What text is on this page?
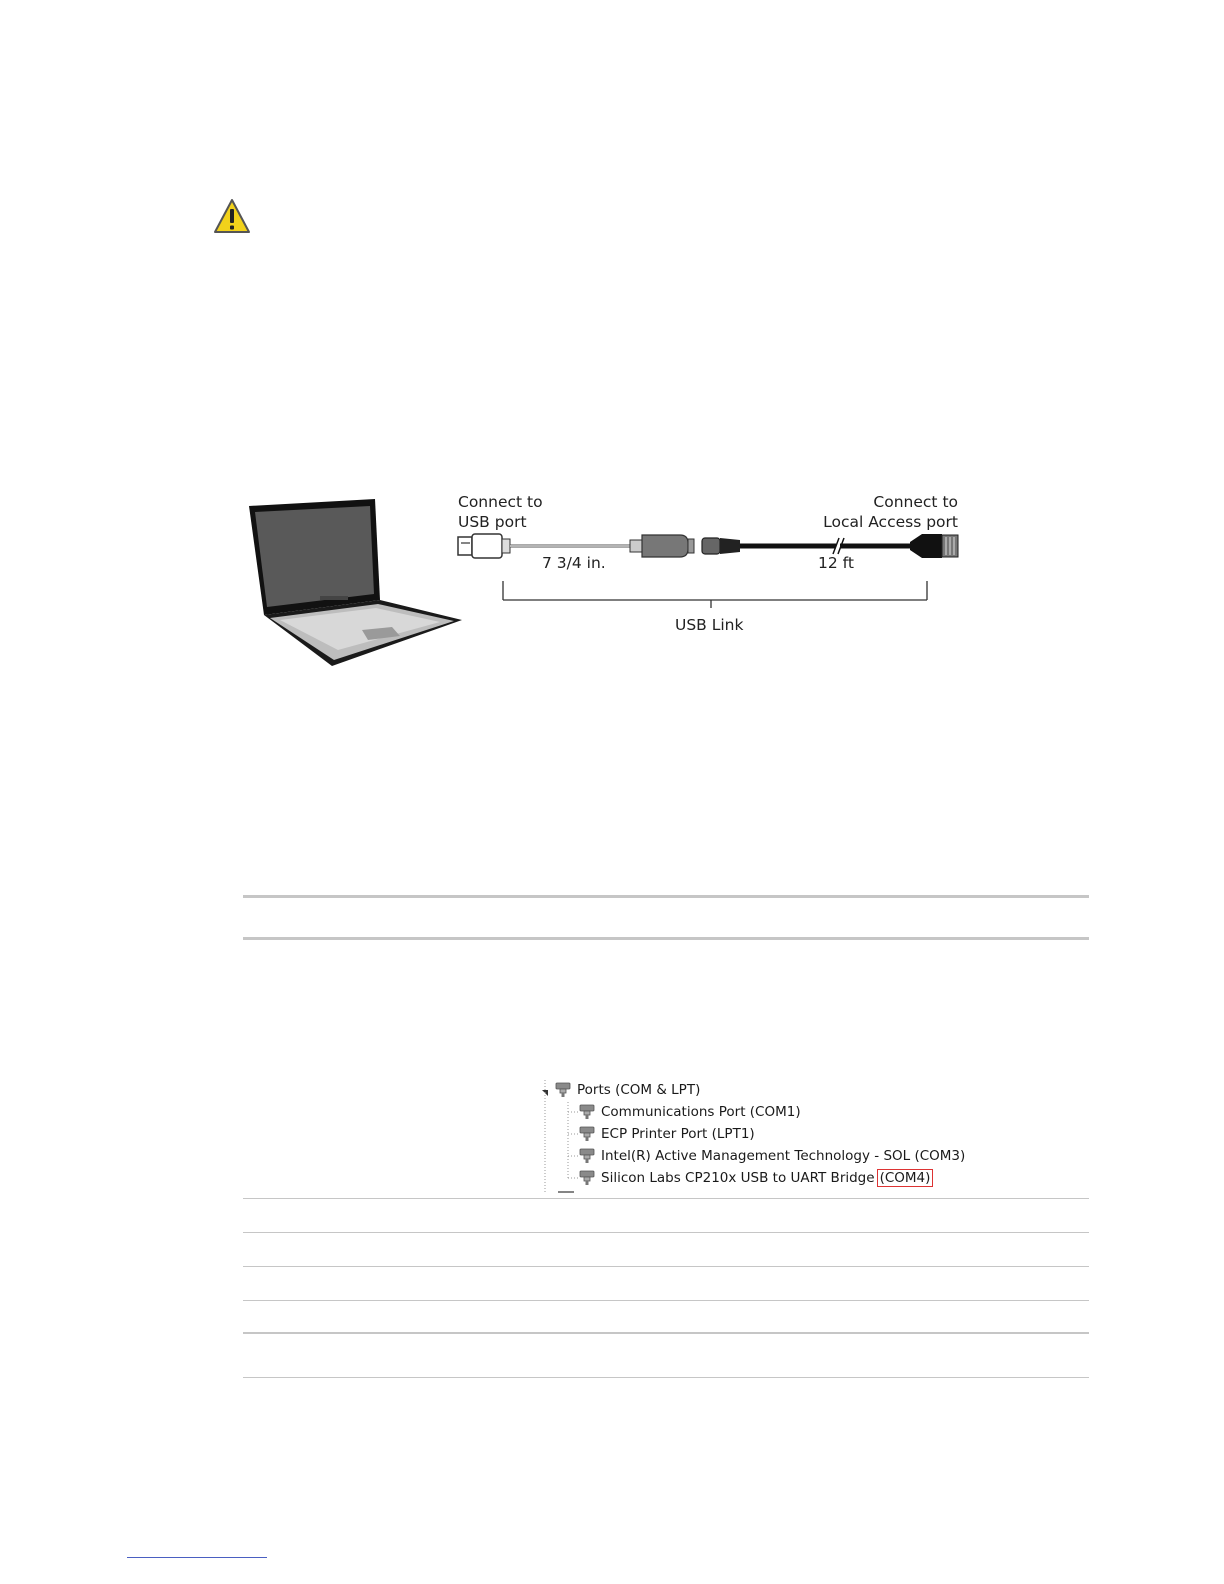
Connect to
USB port
Connect to
Local Access port
7 3/4 in.	12 ft
USB Link
Ports (COM & LPT)
Communications Port (COM1)
ECP Printer Port (LPT1)
Intel(R) Active Management Technology - SOL (COM3)
Silicon Labs CP210x USB to UART Bridge (COM4)
